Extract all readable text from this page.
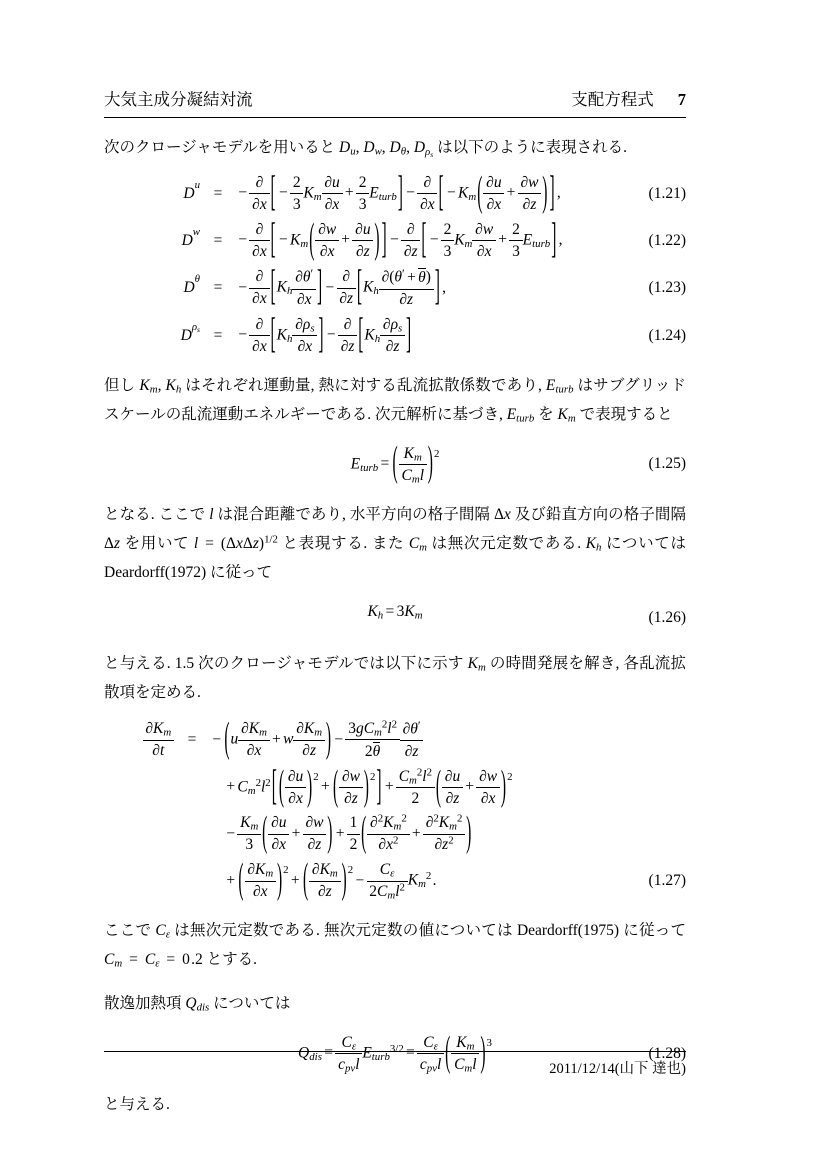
大気主成分凝結対流	支配方程式 7
次のクロージャモデルを用いると $D_u$, $D_w$, $D_\theta$, $D_{\rho_s}$ は以下のように表現される.
D u =	− $\frac{\partial}{\partial x}$ [ − $\frac{2}{3} K_m \frac{\partial u}{\partial x} + \frac{2}{3} E_{turb}$ ] − $\frac{\partial}{\partial x}$ [ − $K_m$ ( $\frac{\partial u}{\partial x} + \frac{\partial w}{\partial z}$ ) ] ,	(1.21)
D w =	− $\frac{\partial}{\partial x}$ [ − $K_m$ ( $\frac{\partial w}{\partial x} + \frac{\partial u}{\partial z}$ ) ] − $\frac{\partial}{\partial z}$ [ − $\frac{2}{3} K_m \frac{\partial w}{\partial x} + \frac{2}{3} E_{turb}$ ] ,	(1.22)
D θ =	− $\frac{\partial}{\partial x}$ [ $K_h \frac{\partial\theta'}{\partial x}$ ] − $\frac{\partial}{\partial z}$ [ $K_h \frac{\partial(\theta' + \theta)}{\partial z}$ ] ,	(1.23)
D $\rho_s$ =	− $\frac{\partial}{\partial x}$ [ $K_h \frac{\partial\rho_s}{\partial x}$ ] − $\frac{\partial}{\partial z}$ [ $K_h \frac{\partial\rho_s}{\partial z}$ ]	(1.24)
但し $K_m$, $K_h$ はそれぞれ運動量, 熱に対する乱流拡散係数であり, $E_{turb}$ はサブグリッドスケールの乱流運動エネルギーである. 次元解析に基づき, $E_{turb}$ を $K_m$ で表現すると
$E_{turb}$ = ( $\frac{K_m}{C_ml}$ ) $^2$
(1.25)
となる. ここで l は混合距離であり, 水平方向の格子間隔 Δx 及び鉛直方向の格子間隔 Δz を用いて $l = (\Delta x\Delta z)^{1/2}$ と表現する. また $C_m$ は無次元定数である. $K_h$ については Deardorff(1972) に従って
$K_h = 3K_m$	(1.26)
と与える. 1.5 次のクロージャモデルでは以下に示す $K_m$ の時間発展を解き, 各乱流拡散項を定める.
$\frac{\partial K_m}{\partial t}$ =	− ( u $\frac{\partial K_m}{\partial x} + w \frac{\partial K_m}{\partial z}$ ) − $\frac{3gC_m^2l^2}{2\theta} \frac{\partial\theta'}{\partial z}$
+ $C_m^2l^2$ [ ( $\frac{\partial u}{\partial x}$ ) $^2$+ ( $\frac{\partial w}{\partial z}$ ) $^2$ ] + $\frac{C_m^2l^2}{2}$ ( $\frac{\partial u}{\partial z} + \frac{\partial w}{\partial x}$ ) $^2$
− $\frac{K_m}{3}$ ( $\frac{\partial u}{\partial x} + \frac{\partial w}{\partial z}$ ) + $\frac{1}{2}$ ( $\frac{\partial^2K_m^2}{\partial x^2} + \frac{\partial^2K_m^2}{\partial z^2}$ )
+ ( $\frac{\partial K_m}{\partial x}$ ) $^2$+ ( $\frac{\partial K_m}{\partial z}$ ) $^2- \frac{C_\varepsilon}{2C_ml^2} K_m^2$.	(1.27)
ここで $C_\varepsilon$ は無次元定数である. 無次元定数の値については Deardorff(1975) に従って $C_m = C_\varepsilon = 0.2$ とする.
散逸加熱項 $Q_{dis}$ については
$Q_{dis} = \frac{C_\varepsilon}{c_{pv}l} E_{turb}^{3/2} = \frac{C_\varepsilon}{c_{pv}l}$ ( $\frac{K_m}{C_ml}$ ) $^3$
(1.28)
と与える.
2011/12/14(山下 達也)
